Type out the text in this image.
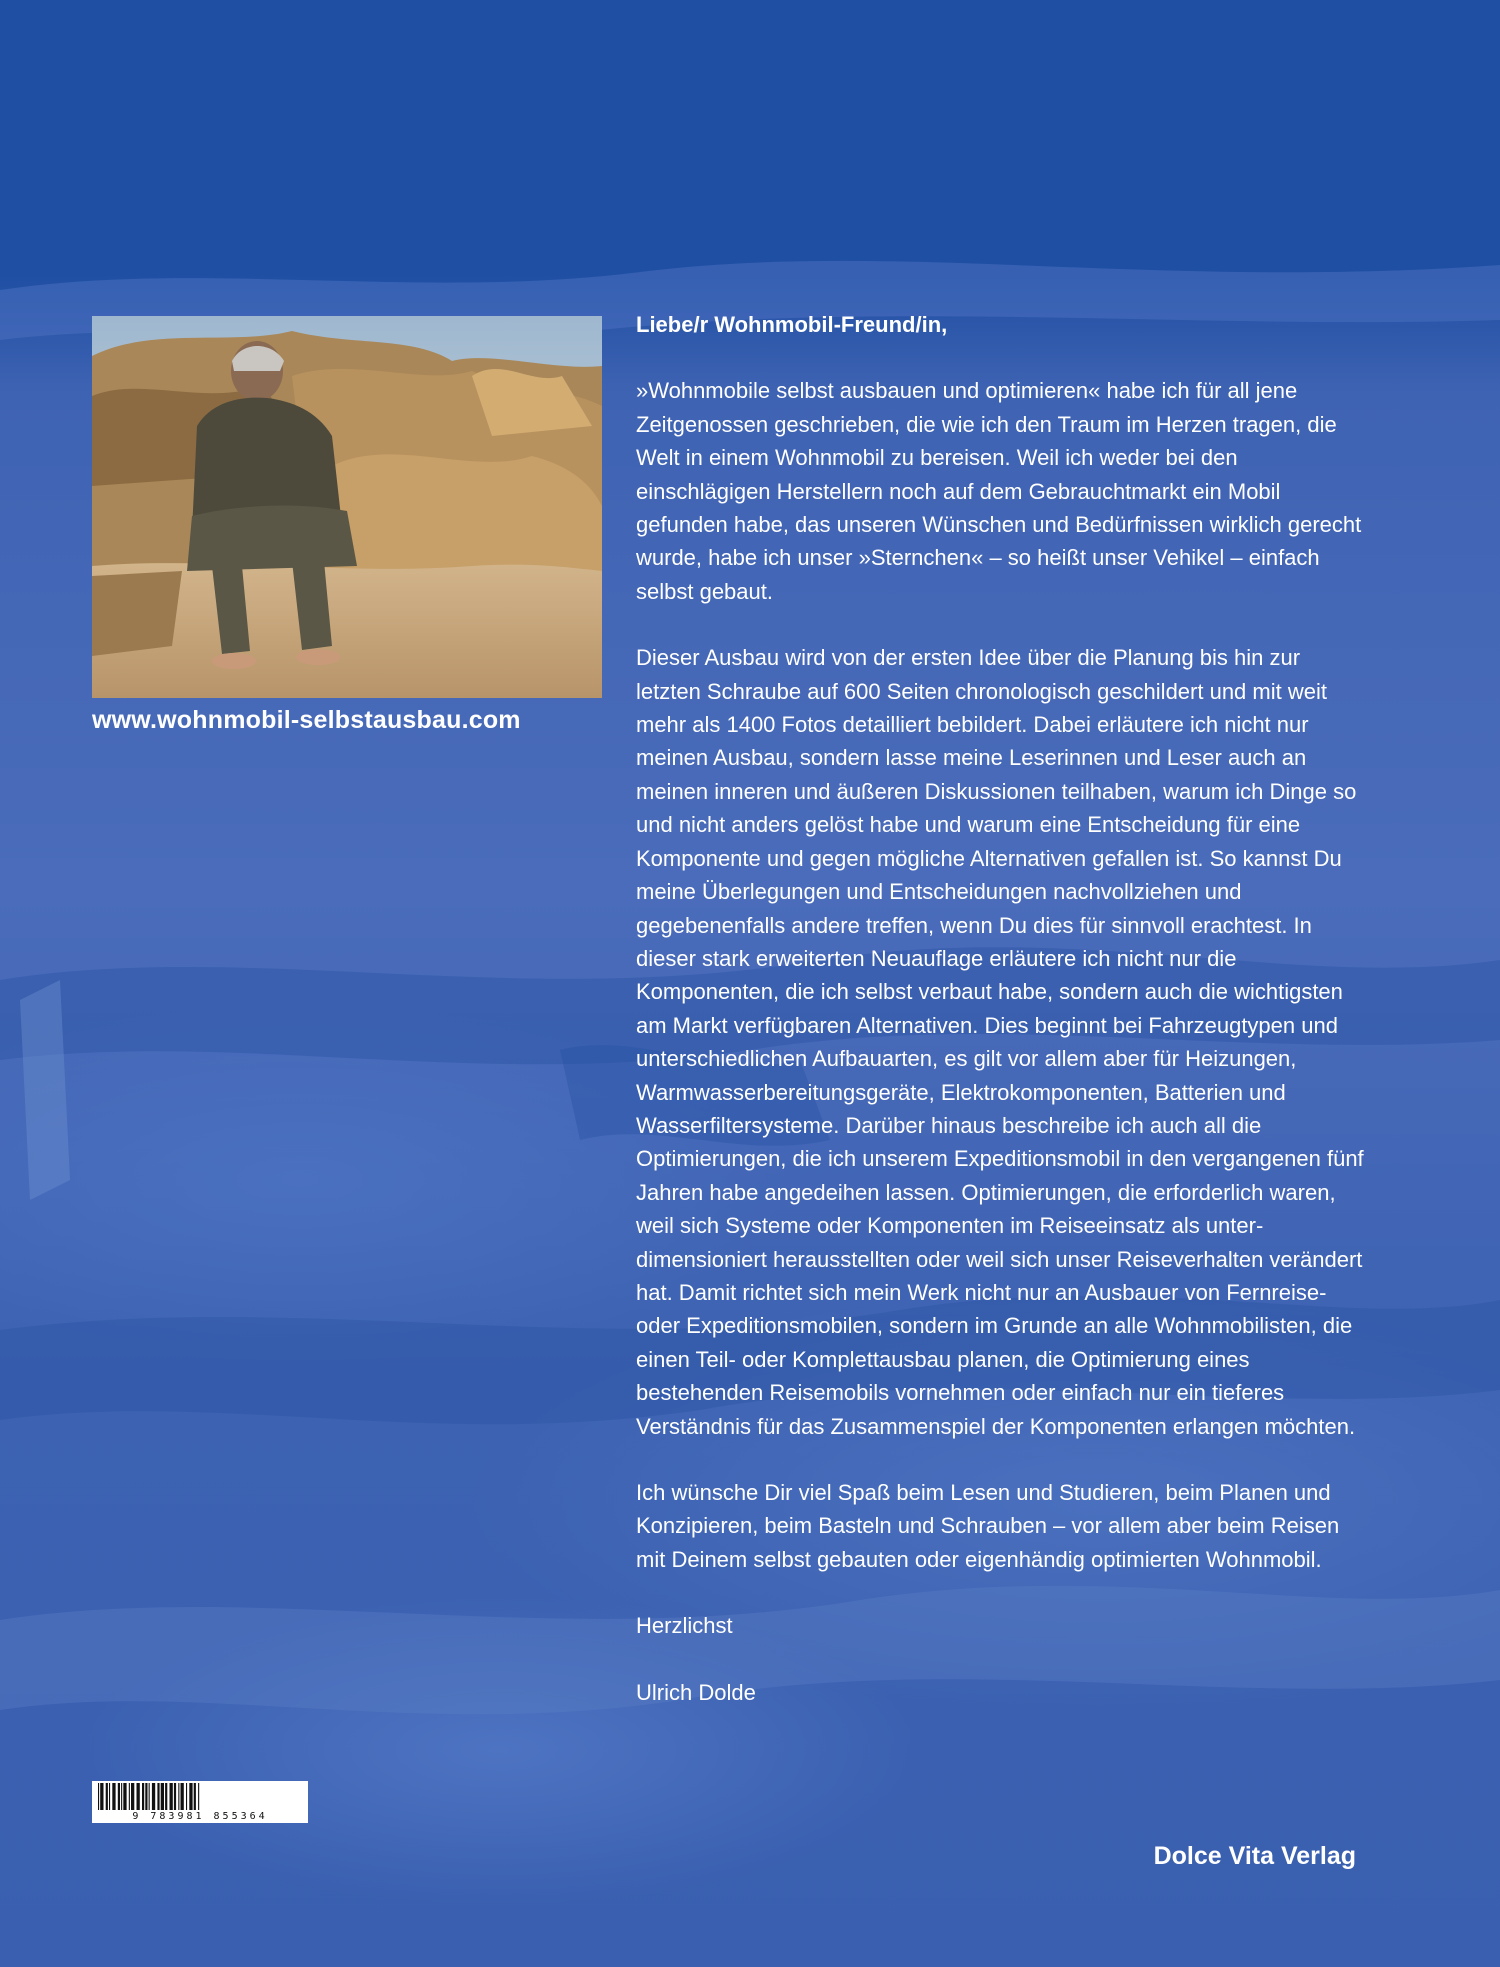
www.wohnmobil-selbstausbau.com

Liebe/r Wohnmobil-Freund/in,

»Wohnmobile selbst ausbauen und optimieren« habe ich für all jene Zeitgenossen geschrieben, die wie ich den Traum im Herzen tragen, die Welt in einem Wohnmobil zu bereisen. Weil ich weder bei den einschlägigen Herstellern noch auf dem Gebrauchtmarkt ein Mobil gefunden habe, das unseren Wünschen und Bedürfnissen wirklich gerecht wurde, habe ich unser »Sternchen« – so heißt unser Vehikel – einfach selbst gebaut.

Dieser Ausbau wird von der ersten Idee über die Planung bis hin zur letzten Schraube auf 600 Seiten chronologisch geschildert und mit weit mehr als 1400 Fotos detailliert bebildert. Dabei erläutere ich nicht nur meinen Ausbau, sondern lasse meine Leserinnen und Leser auch an meinen inneren und äußeren Diskussionen teilhaben, warum ich Dinge so und nicht anders gelöst habe und warum eine Entscheidung für eine Komponente und gegen mögliche Alternativen gefallen ist. So kannst Du meine Überlegungen und Entscheidungen nachvollziehen und gegebenenfalls andere treffen, wenn Du dies für sinnvoll erachtest. In dieser stark erweiterten Neuauflage erläutere ich nicht nur die Komponenten, die ich selbst verbaut habe, sondern auch die wichtigsten am Markt verfügbaren Alternativen. Dies beginnt bei Fahrzeugtypen und unterschiedlichen Aufbauarten, es gilt vor allem aber für Heizungen, Warmwasserbereitungsgeräte, Elektrokomponenten, Batterien und Wasserfiltersysteme. Darüber hinaus beschreibe ich auch all die Optimierungen, die ich unserem Expeditionsmobil in den vergangenen fünf Jahren habe angedeihen lassen. Optimierungen, die erforderlich waren, weil sich Systeme oder Komponenten im Reiseeinsatz als unterdimensioniert herausstellten oder weil sich unser Reiseverhalten verändert hat. Damit richtet sich mein Werk nicht nur an Ausbauer von Fernreise- oder Expeditionsmobilen, sondern im Grunde an alle Wohnmobilisten, die einen Teil- oder Komplettausbau planen, die Optimierung eines bestehenden Reisemobils vornehmen oder einfach nur ein tieferes Verständnis für das Zusammenspiel der Komponenten erlangen möchten.

Ich wünsche Dir viel Spaß beim Lesen und Studieren, beim Planen und Konzipieren, beim Basteln und Schrauben – vor allem aber beim Reisen mit Deinem selbst gebauten oder eigenhändig optimierten Wohnmobil.

Herzlichst

Ulrich Dolde

9 783981 855364
Dolce Vita Verlag
